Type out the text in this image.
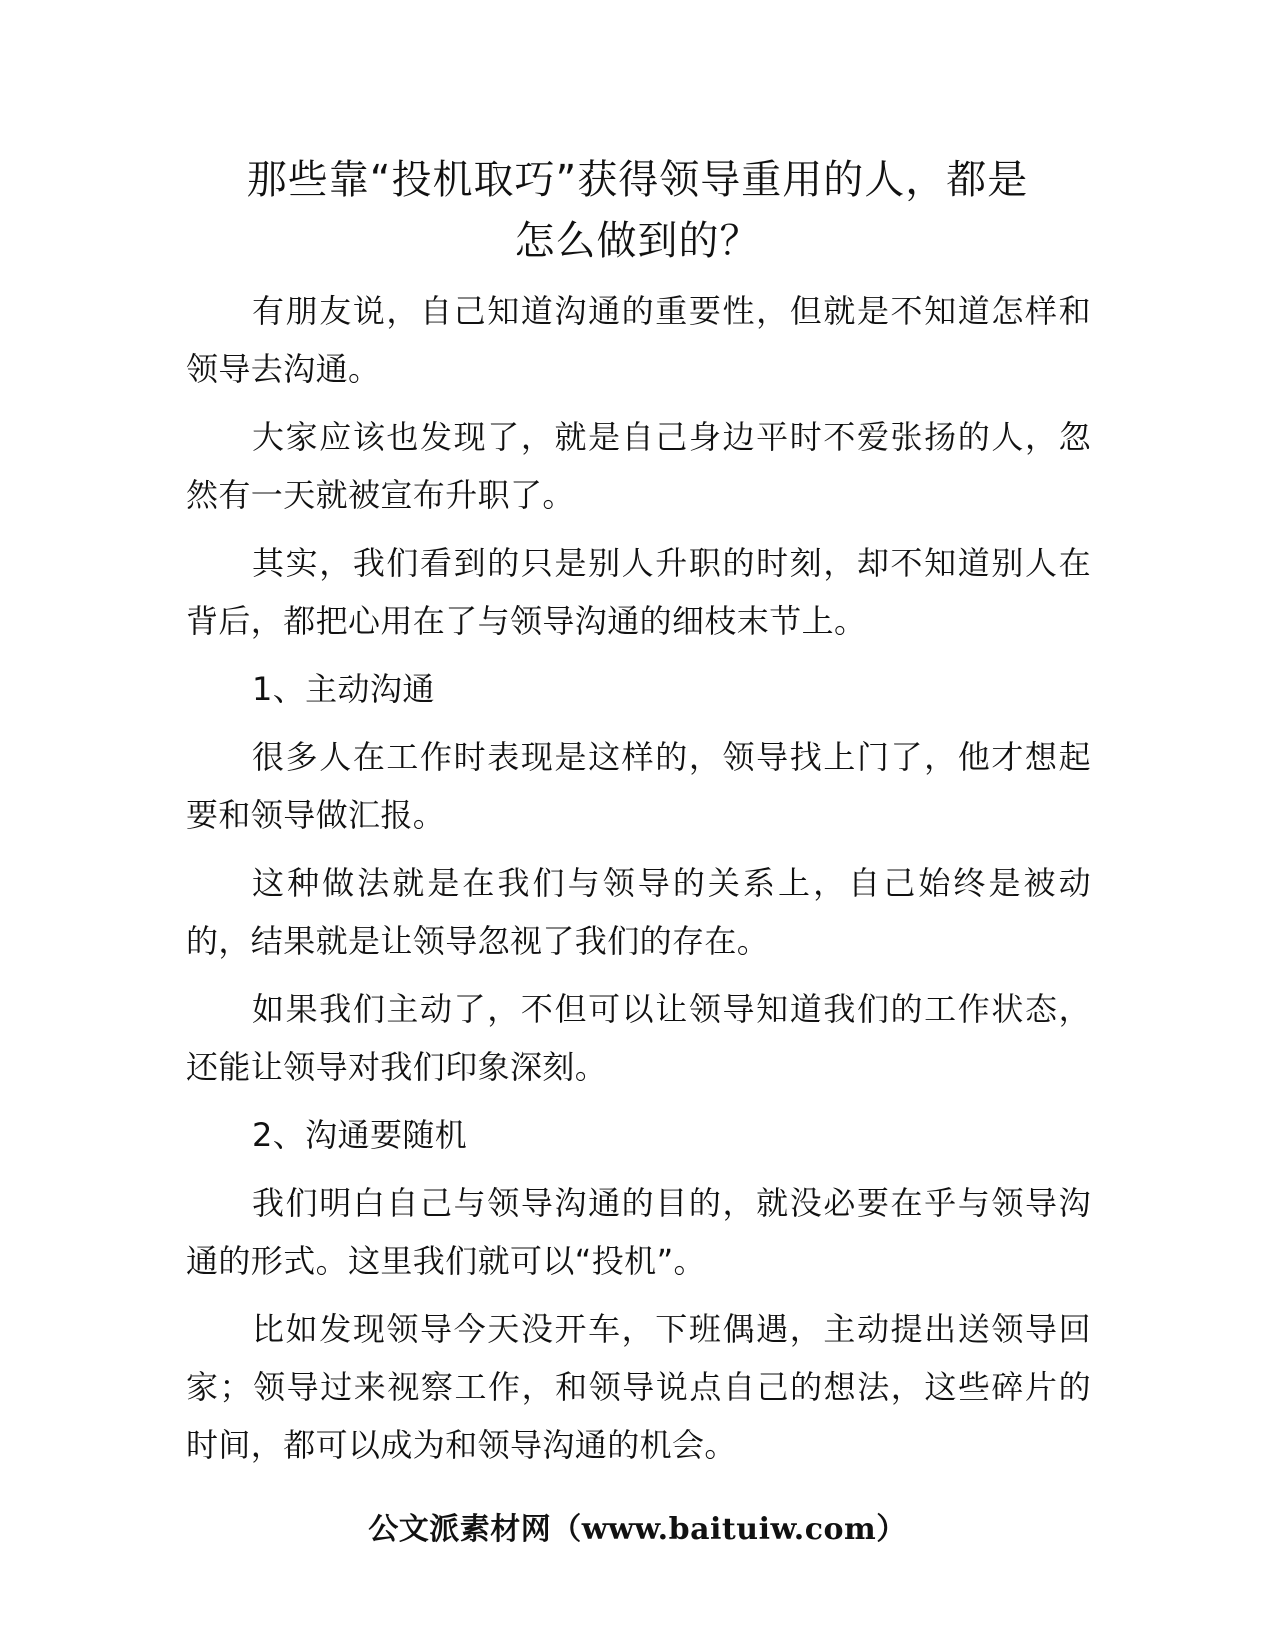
那些靠“投机取巧”获得领导重用的人，都是
怎么做到的？

有朋友说，自己知道沟通的重要性，但就是不知道怎样和领导去沟通。

大家应该也发现了，就是自己身边平时不爱张扬的人，忽然有一天就被宣布升职了。

其实，我们看到的只是别人升职的时刻，却不知道别人在背后，都把心用在了与领导沟通的细枝末节上。

1、主动沟通

很多人在工作时表现是这样的，领导找上门了，他才想起要和领导做汇报。

这种做法就是在我们与领导的关系上，自己始终是被动的，结果就是让领导忽视了我们的存在。

如果我们主动了，不但可以让领导知道我们的工作状态，还能让领导对我们印象深刻。

2、沟通要随机

我们明白自己与领导沟通的目的，就没必要在乎与领导沟通的形式。这里我们就可以“投机”。

比如发现领导今天没开车，下班偶遇，主动提出送领导回家；领导过来视察工作，和领导说点自己的想法，这些碎片的时间，都可以成为和领导沟通的机会。

公文派素材网（www.baituiw.com）
